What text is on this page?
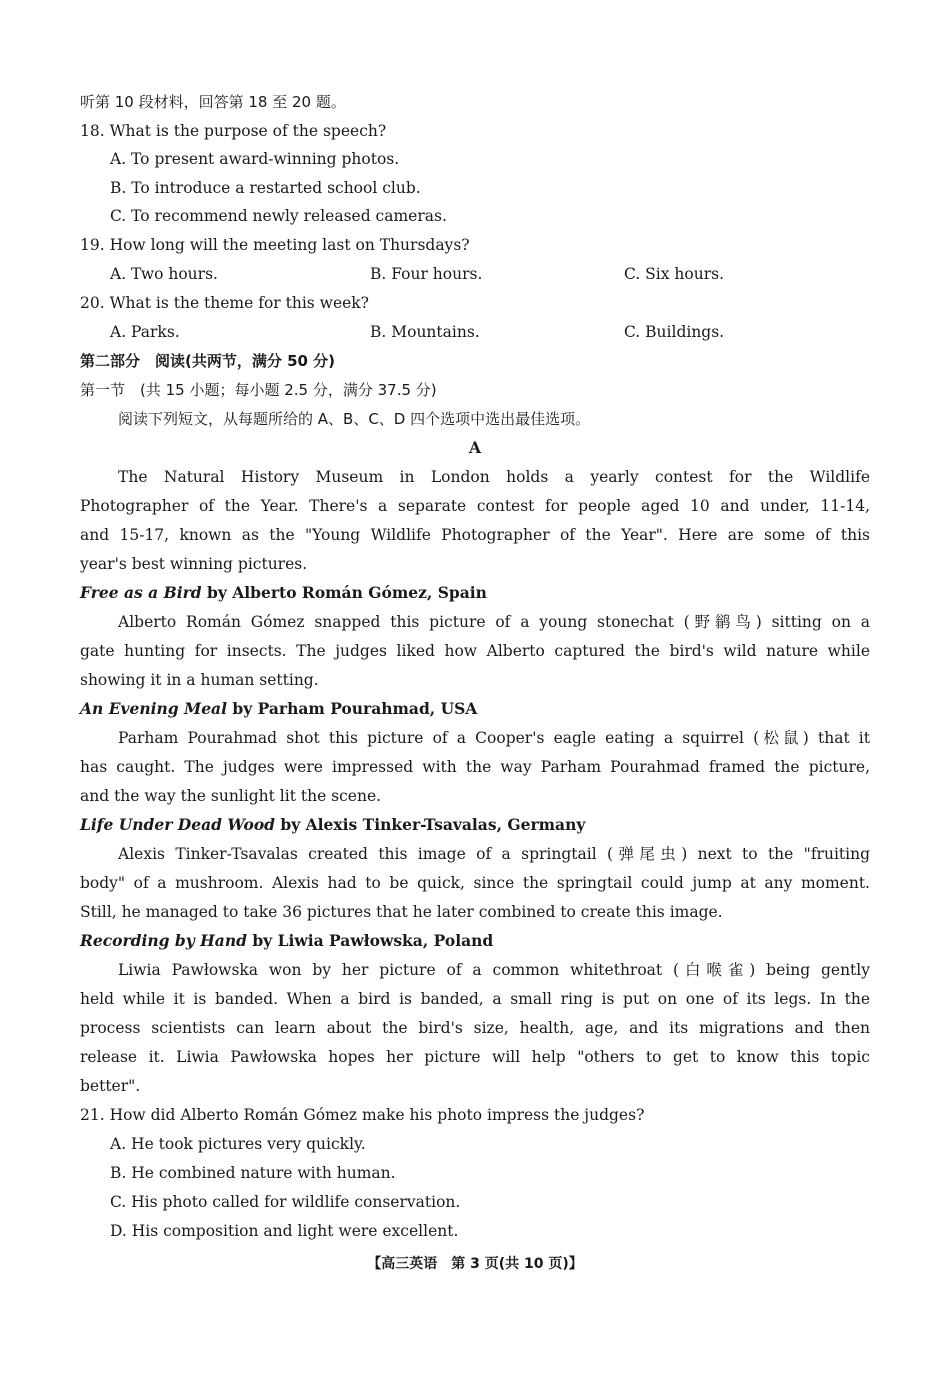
听第 10 段材料，回答第 18 至 20 题。
18. What is the purpose of the speech?
A. To present award-winning photos.
B. To introduce a restarted school club.
C. To recommend newly released cameras.
19. How long will the meeting last on Thursdays?
A. Two hours.	B. Four hours.	C. Six hours.
20. What is the theme for this week?
A. Parks.	B. Mountains.	C. Buildings.
第二部分　阅读(共两节，满分 50 分)
第一节　(共 15 小题；每小题 2.5 分，满分 37.5 分)
阅读下列短文，从每题所给的 A、B、C、D 四个选项中选出最佳选项。
A
The Natural History Museum in London holds a yearly contest for the Wildlife
Photographer of the Year. There's a separate contest for people aged 10 and under, 11-14,
and 15-17, known as the "Young Wildlife Photographer of the Year". Here are some of this
year's best winning pictures.
Free as a Bird by Alberto Román Gómez, Spain
Alberto Román Gómez snapped this picture of a young stonechat (野鹟鸟) sitting on a
gate hunting for insects. The judges liked how Alberto captured the bird's wild nature while
showing it in a human setting.
An Evening Meal by Parham Pourahmad, USA
Parham Pourahmad shot this picture of a Cooper's eagle eating a squirrel (松鼠) that it
has caught. The judges were impressed with the way Parham Pourahmad framed the picture,
and the way the sunlight lit the scene.
Life Under Dead Wood by Alexis Tinker-Tsavalas, Germany
Alexis Tinker-Tsavalas created this image of a springtail (弹尾虫) next to the "fruiting
body" of a mushroom. Alexis had to be quick, since the springtail could jump at any moment.
Still, he managed to take 36 pictures that he later combined to create this image.
Recording by Hand by Liwia Pawłowska, Poland
Liwia Pawłowska won by her picture of a common whitethroat (白喉雀) being gently
held while it is banded. When a bird is banded, a small ring is put on one of its legs. In the
process scientists can learn about the bird's size, health, age, and its migrations and then
release it. Liwia Pawłowska hopes her picture will help "others to get to know this topic
better".
21. How did Alberto Román Gómez make his photo impress the judges?
A. He took pictures very quickly.
B. He combined nature with human.
C. His photo called for wildlife conservation.
D. His composition and light were excellent.
【高三英语　第 3 页(共 10 页)】
